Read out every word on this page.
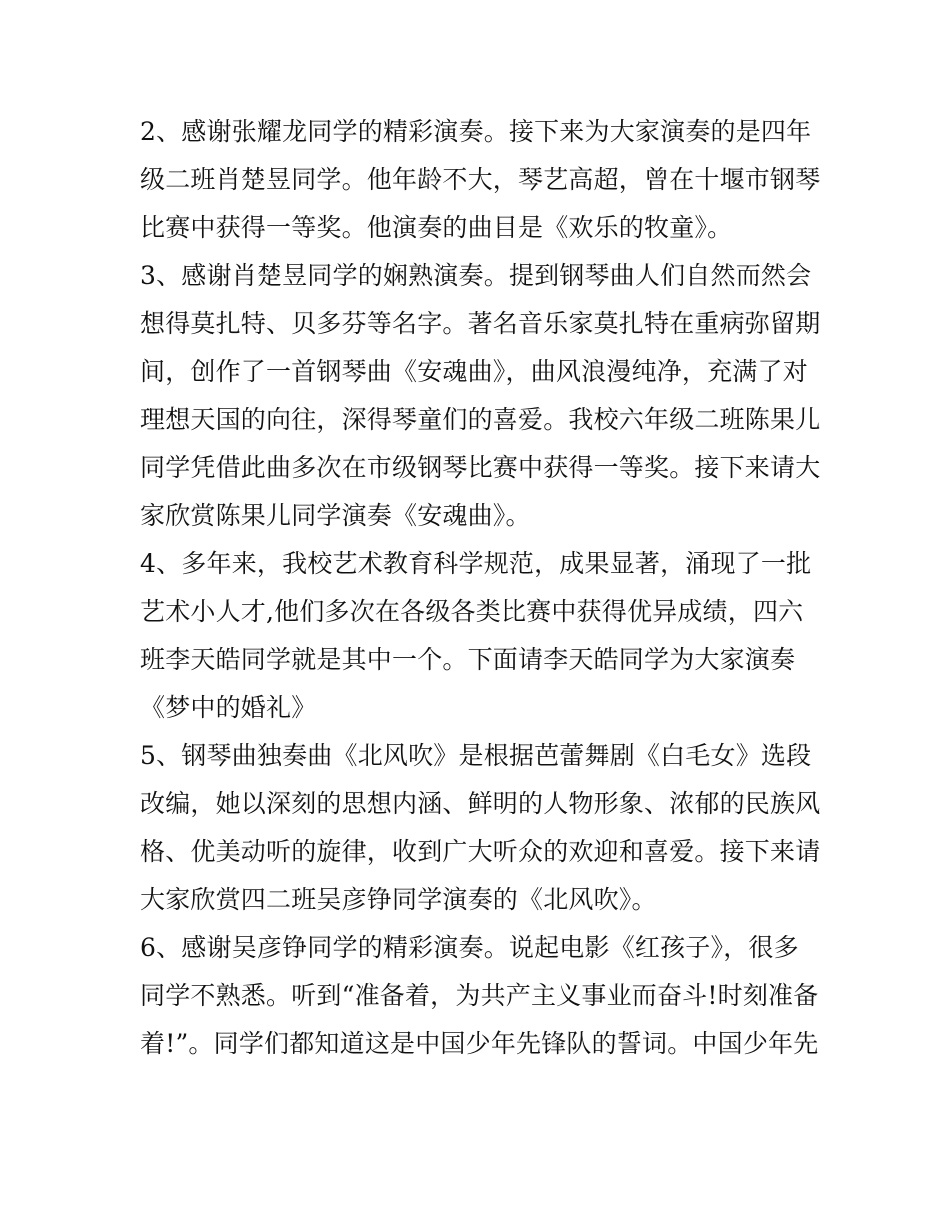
2、感谢张耀龙同学的精彩演奏。接下来为大家演奏的是四年
级二班肖楚昱同学。他年龄不大，琴艺高超，曾在十堰市钢琴
比赛中获得一等奖。他演奏的曲目是《欢乐的牧童》。
3、感谢肖楚昱同学的娴熟演奏。提到钢琴曲人们自然而然会
想得莫扎特、贝多芬等名字。著名音乐家莫扎特在重病弥留期
间，创作了一首钢琴曲《安魂曲》，曲风浪漫纯净，充满了对
理想天国的向往，深得琴童们的喜爱。我校六年级二班陈果儿
同学凭借此曲多次在市级钢琴比赛中获得一等奖。接下来请大
家欣赏陈果儿同学演奏《安魂曲》。
4、多年来，我校艺术教育科学规范，成果显著，涌现了一批
艺术小人才,他们多次在各级各类比赛中获得优异成绩，四六
班李天皓同学就是其中一个。下面请李天皓同学为大家演奏
《梦中的婚礼》
5、钢琴曲独奏曲《北风吹》是根据芭蕾舞剧《白毛女》选段
改编，她以深刻的思想内涵、鲜明的人物形象、浓郁的民族风
格、优美动听的旋律，收到广大听众的欢迎和喜爱。接下来请
大家欣赏四二班吴彦铮同学演奏的《北风吹》。
6、感谢吴彦铮同学的精彩演奏。说起电影《红孩子》，很多
同学不熟悉。听到“准备着，为共产主义事业而奋斗!时刻准备
着!”。同学们都知道这是中国少年先锋队的誓词。中国少年先
